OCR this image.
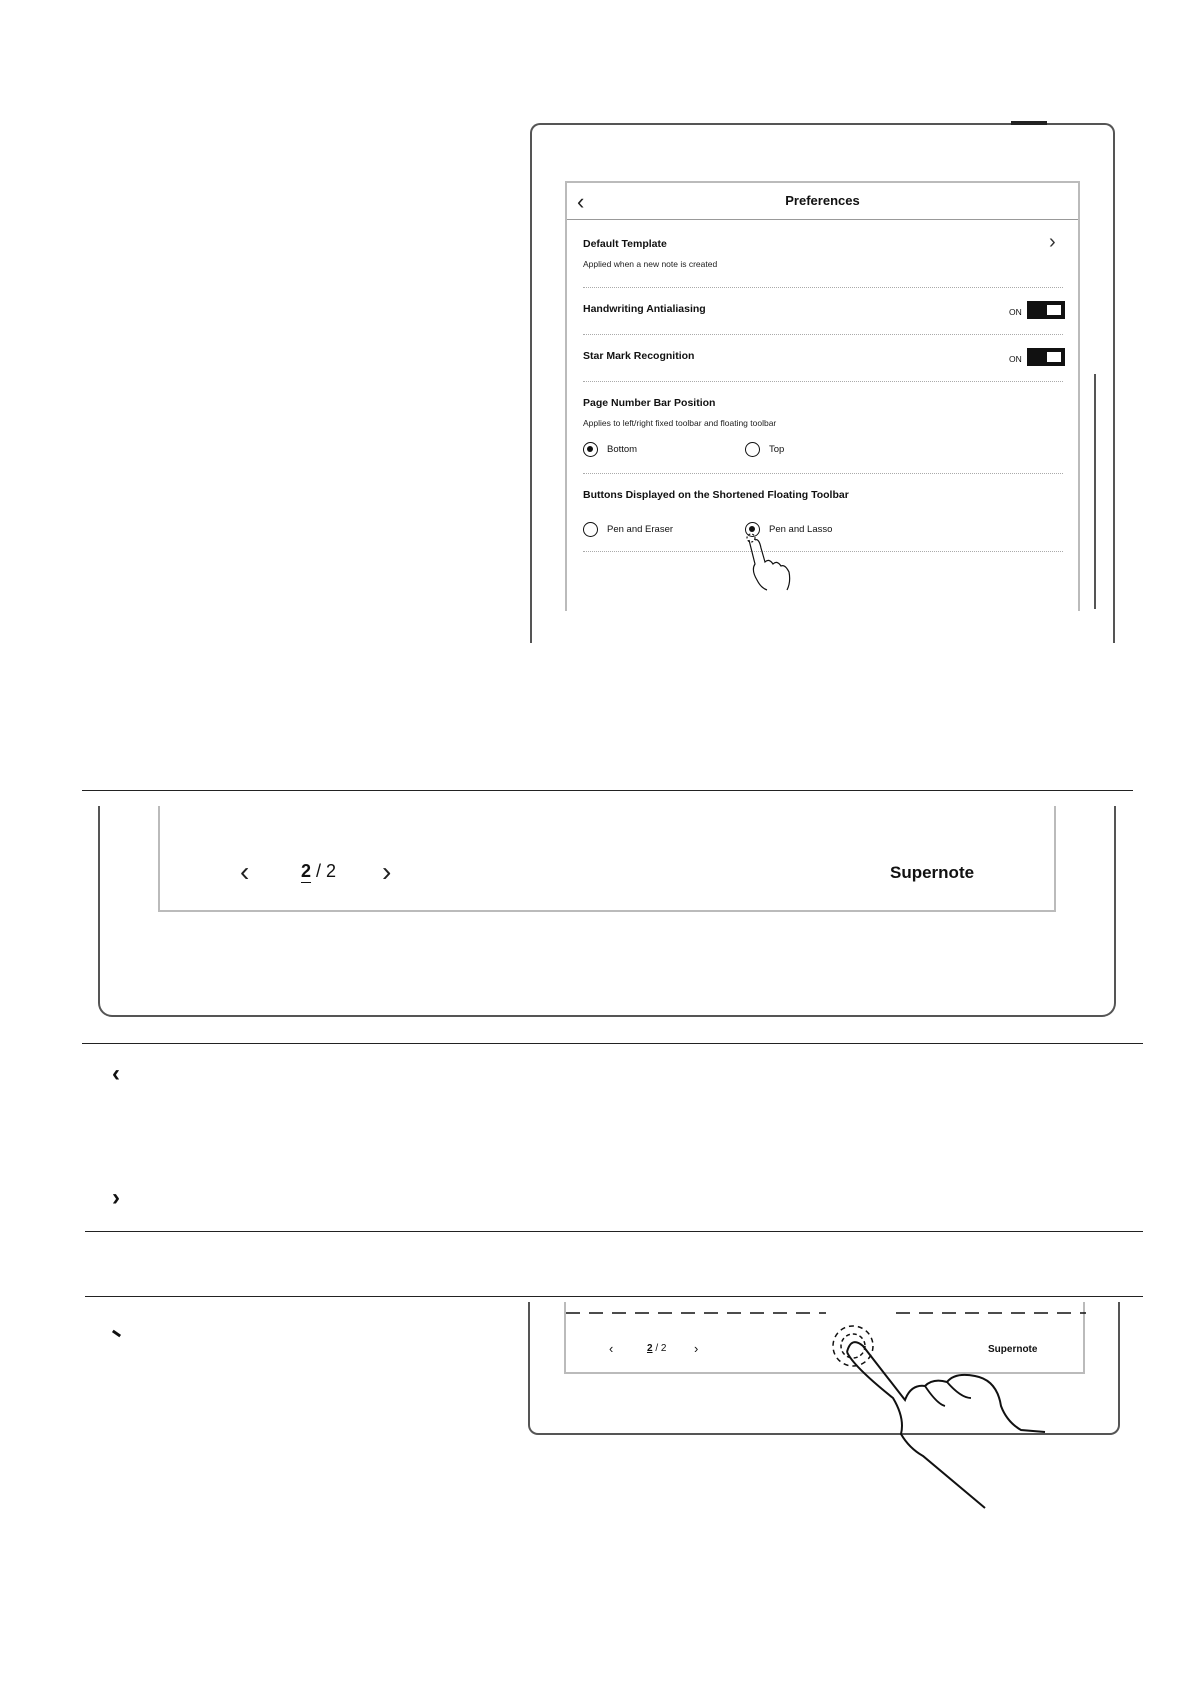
‹	Preferences
Default Template
Applied when a new note is created
›
Handwriting Antialiasing	ON
Star Mark Recognition	ON
Page Number Bar Position
Applies to left/right fixed toolbar and floating toolbar
Bottom	Top
Buttons Displayed on the Shortened Floating Toolbar
Pen and Eraser	Pen and Lasso
‹	2 / 2 ›	Supernote
‹
›
‹	2 / 2 ›	Supernote
